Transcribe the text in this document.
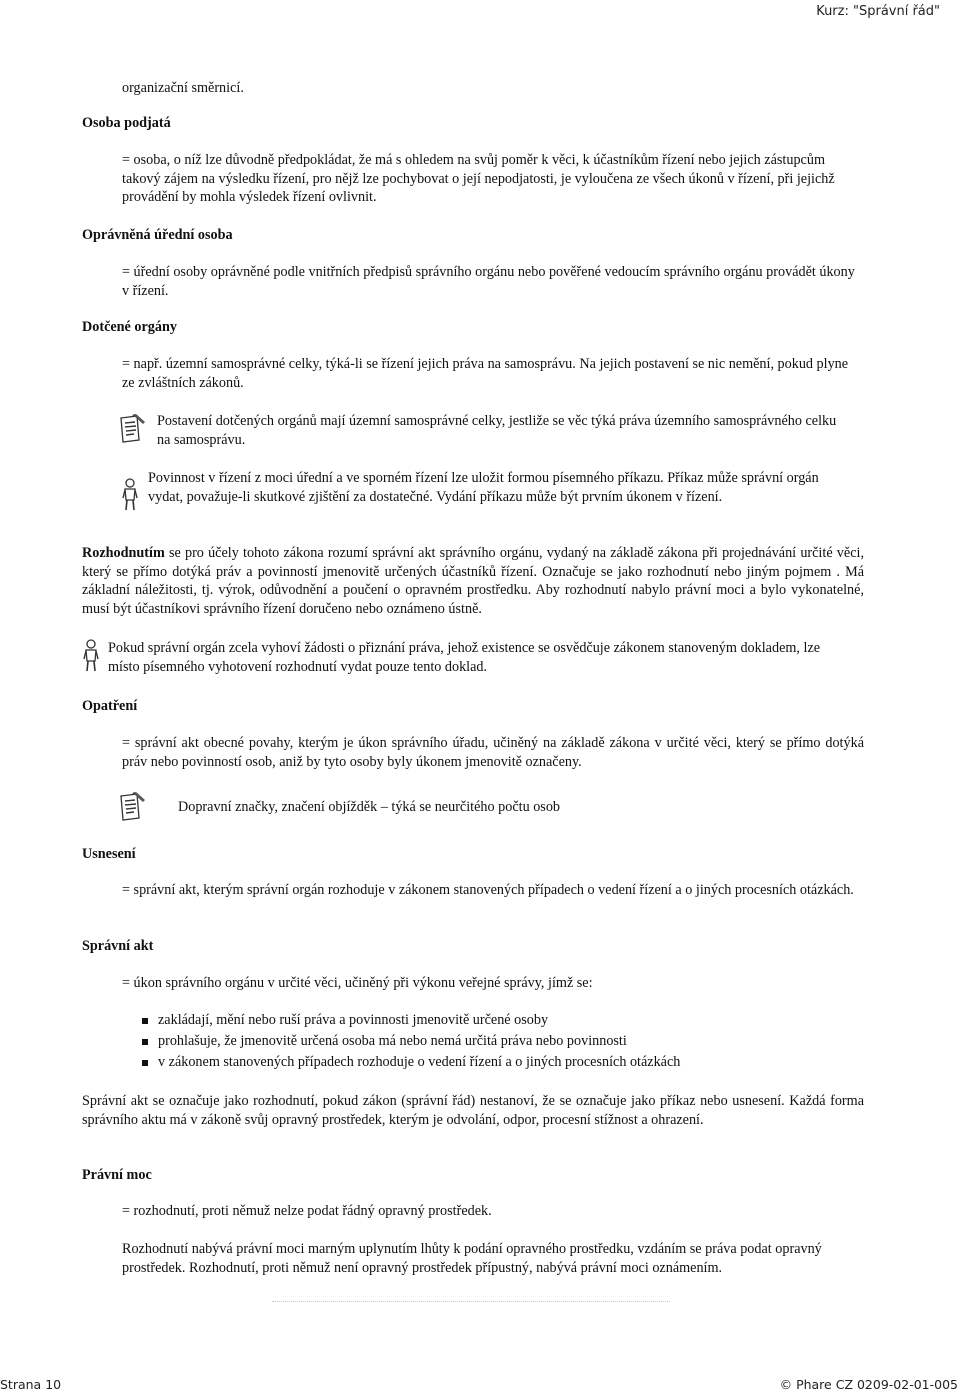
Kurz: "Správní řád"

organizační směrnicí.

Osoba podjatá

= osoba, o níž lze důvodně předpokládat, že má s ohledem na svůj poměr k věci, k účastníkům řízení nebo jejich zástupcům takový zájem na výsledku řízení, pro nějž lze pochybovat o její nepodjatosti, je vyloučena ze všech úkonů v řízení, při jejichž provádění by mohla výsledek řízení ovlivnit.

Oprávněná úřední osoba

= úřední osoby oprávněné podle vnitřních předpisů správního orgánu nebo pověřené vedoucím správního orgánu provádět úkony v řízení.

Dotčené orgány

= např. územní samosprávné celky, týká-li se řízení jejich práva na samosprávu. Na jejich postavení se nic nemění, pokud plyne ze zvláštních zákonů.

Postavení dotčených orgánů mají územní samosprávné celky, jestliže se věc týká práva územního samosprávného celku na samosprávu.

Povinnost v řízení z moci úřední a ve sporném řízení lze uložit formou písemného příkazu. Příkaz může správní orgán vydat, považuje-li skutkové zjištění za dostatečné. Vydání příkazu může být prvním úkonem v řízení.

Rozhodnutím se pro účely tohoto zákona rozumí správní akt správního orgánu, vydaný na základě zákona při projednávání určité věci, který se přímo dotýká práv a povinností jmenovitě určených účastníků řízení. Označuje se jako rozhodnutí nebo jiným pojmem . Má základní náležitosti, tj. výrok, odůvodnění a poučení o opravném prostředku. Aby rozhodnutí nabylo právní moci a bylo vykonatelné, musí být účastníkovi správního řízení doručeno nebo oznámeno ústně.

Pokud správní orgán zcela vyhoví žádosti o přiznání práva, jehož existence se osvědčuje zákonem stanoveným dokladem, lze místo písemného vyhotovení rozhodnutí vydat pouze tento doklad.

Opatření

= správní akt obecné povahy, kterým je úkon správního úřadu, učiněný na základě zákona v určité věci, který se přímo dotýká práv nebo povinností osob, aniž by tyto osoby byly úkonem jmenovitě označeny.

Dopravní značky, značení objížděk – týká se neurčitého počtu osob

Usnesení

= správní akt, kterým správní orgán rozhoduje v zákonem stanovených případech o vedení řízení a o jiných procesních otázkách.

Správní akt

= úkon správního orgánu v určité věci, učiněný při výkonu veřejné správy, jímž se:

zakládají, mění nebo ruší práva a povinnosti jmenovitě určené osoby
prohlašuje, že jmenovitě určená osoba má nebo nemá určitá práva nebo povinnosti
v zákonem stanovených případech rozhoduje o vedení řízení a o jiných procesních otázkách

Správní akt se označuje jako rozhodnutí, pokud zákon (správní řád) nestanoví, že se označuje jako příkaz nebo usnesení. Každá forma správního aktu má v zákoně svůj opravný prostředek, kterým je odvolání, odpor, procesní stížnost a ohrazení.

Právní moc

= rozhodnutí, proti němuž nelze podat řádný opravný prostředek.

Rozhodnutí nabývá právní moci marným uplynutím lhůty k podání opravného prostředku, vzdáním se práva podat opravný prostředek. Rozhodnutí, proti němuž není opravný prostředek přípustný, nabývá právní moci oznámením.

Strana 10	© Phare CZ 0209-02-01-005
